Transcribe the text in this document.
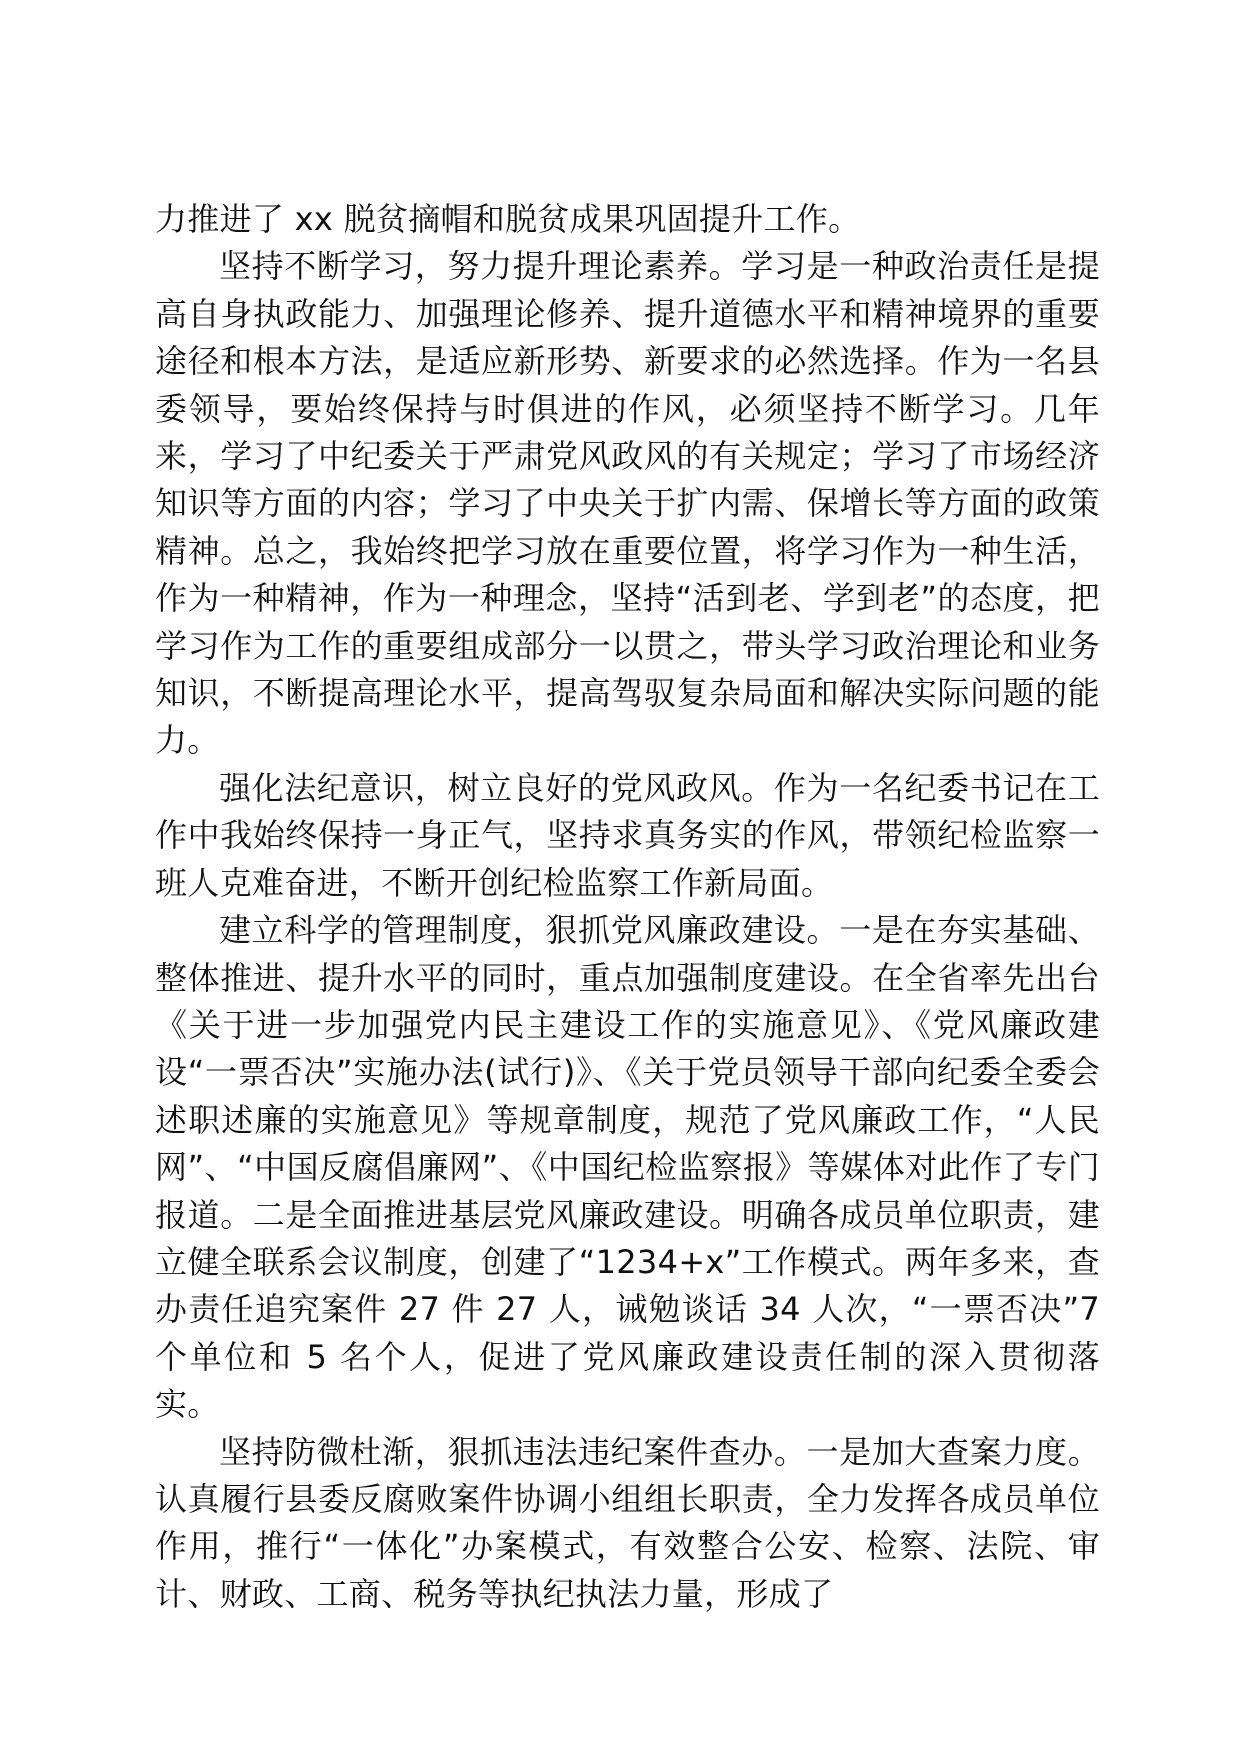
力推进了 xx 脱贫摘帽和脱贫成果巩固提升工作。

坚持不断学习，努力提升理论素养。学习是一种政治责任是提高自身执政能力、加强理论修养、提升道德水平和精神境界的重要途径和根本方法，是适应新形势、新要求的必然选择。作为一名县委领导，要始终保持与时俱进的作风，必须坚持不断学习。几年来，学习了中纪委关于严肃党风政风的有关规定；学习了市场经济知识等方面的内容；学习了中央关于扩内需、保增长等方面的政策精神。总之，我始终把学习放在重要位置，将学习作为一种生活，作为一种精神，作为一种理念，坚持“活到老、学到老”的态度，把学习作为工作的重要组成部分一以贯之，带头学习政治理论和业务知识，不断提高理论水平，提高驾驭复杂局面和解决实际问题的能力。

强化法纪意识，树立良好的党风政风。作为一名纪委书记在工作中我始终保持一身正气，坚持求真务实的作风，带领纪检监察一班人克难奋进，不断开创纪检监察工作新局面。

建立科学的管理制度，狠抓党风廉政建设。一是在夯实基础、整体推进、提升水平的同时，重点加强制度建设。在全省率先出台《关于进一步加强党内民主建设工作的实施意见》、《党风廉政建设“一票否决”实施办法(试行)》、《关于党员领导干部向纪委全委会述职述廉的实施意见》等规章制度，规范了党风廉政工作，“人民网”、“中国反腐倡廉网”、《中国纪检监察报》等媒体对此作了专门报道。二是全面推进基层党风廉政建设。明确各成员单位职责，建立健全联系会议制度，创建了“1234+x”工作模式。两年多来，查办责任追究案件 27 件 27 人，诫勉谈话 34 人次，“一票否决”7 个单位和 5 名个人，促进了党风廉政建设责任制的深入贯彻落实。

坚持防微杜渐，狠抓违法违纪案件查办。一是加大查案力度。认真履行县委反腐败案件协调小组组长职责，全力发挥各成员单位作用，推行“一体化”办案模式，有效整合公安、检察、法院、审计、财政、工商、税务等执纪执法力量，形成了
